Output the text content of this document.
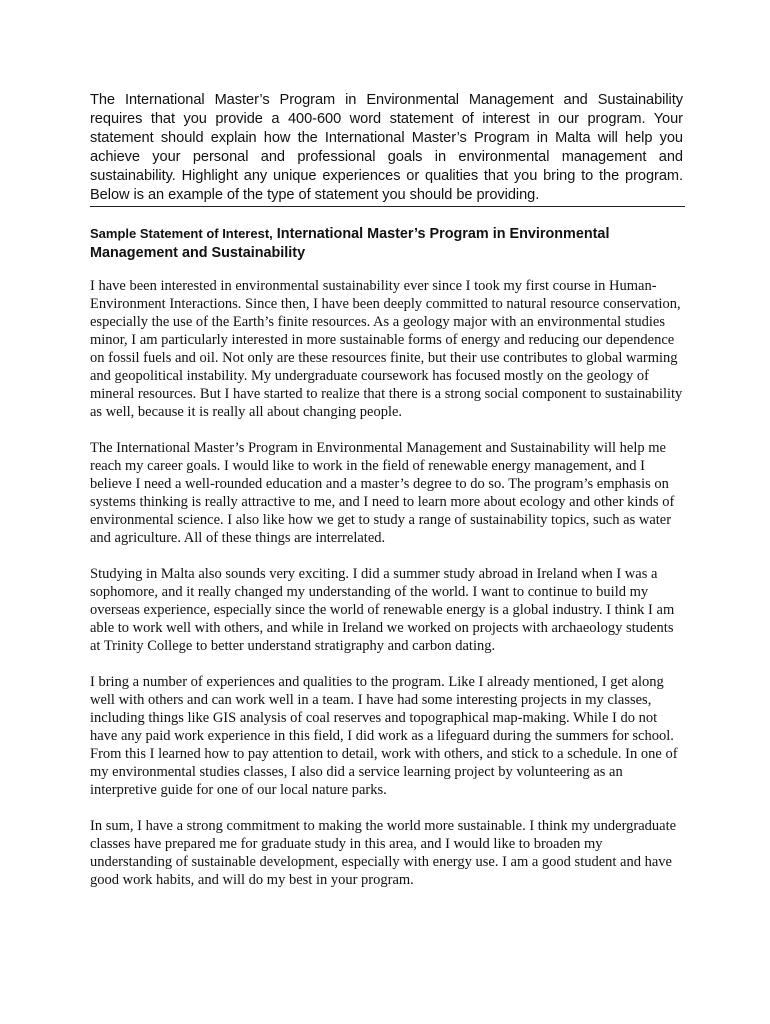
The International Master’s Program in Environmental Management and Sustainability requires that you provide a 400-600 word statement of interest in our program. Your statement should explain how the International Master’s Program in Malta will help you achieve your personal and professional goals in environmental management and sustainability. Highlight any unique experiences or qualities that you bring to the program. Below is an example of the type of statement you should be providing.

Sample Statement of Interest, International Master’s Program in Environmental Management and Sustainability

I have been interested in environmental sustainability ever since I took my first course in Human-Environment Interactions. Since then, I have been deeply committed to natural resource conservation, especially the use of the Earth’s finite resources. As a geology major with an environmental studies minor, I am particularly interested in more sustainable forms of energy and reducing our dependence on fossil fuels and oil. Not only are these resources finite, but their use contributes to global warming and geopolitical instability. My undergraduate coursework has focused mostly on the geology of mineral resources. But I have started to realize that there is a strong social component to sustainability as well, because it is really all about changing people.

The International Master’s Program in Environmental Management and Sustainability will help me reach my career goals. I would like to work in the field of renewable energy management, and I believe I need a well-rounded education and a master’s degree to do so. The program’s emphasis on systems thinking is really attractive to me, and I need to learn more about ecology and other kinds of environmental science. I also like how we get to study a range of sustainability topics, such as water and agriculture. All of these things are interrelated.

Studying in Malta also sounds very exciting. I did a summer study abroad in Ireland when I was a sophomore, and it really changed my understanding of the world. I want to continue to build my overseas experience, especially since the world of renewable energy is a global industry. I think I am able to work well with others, and while in Ireland we worked on projects with archaeology students at Trinity College to better understand stratigraphy and carbon dating.

I bring a number of experiences and qualities to the program. Like I already mentioned, I get along well with others and can work well in a team. I have had some interesting projects in my classes, including things like GIS analysis of coal reserves and topographical map-making. While I do not have any paid work experience in this field, I did work as a lifeguard during the summers for school. From this I learned how to pay attention to detail, work with others, and stick to a schedule. In one of my environmental studies classes, I also did a service learning project by volunteering as an interpretive guide for one of our local nature parks.

In sum, I have a strong commitment to making the world more sustainable. I think my undergraduate classes have prepared me for graduate study in this area, and I would like to broaden my understanding of sustainable development, especially with energy use. I am a good student and have good work habits, and will do my best in your program.
